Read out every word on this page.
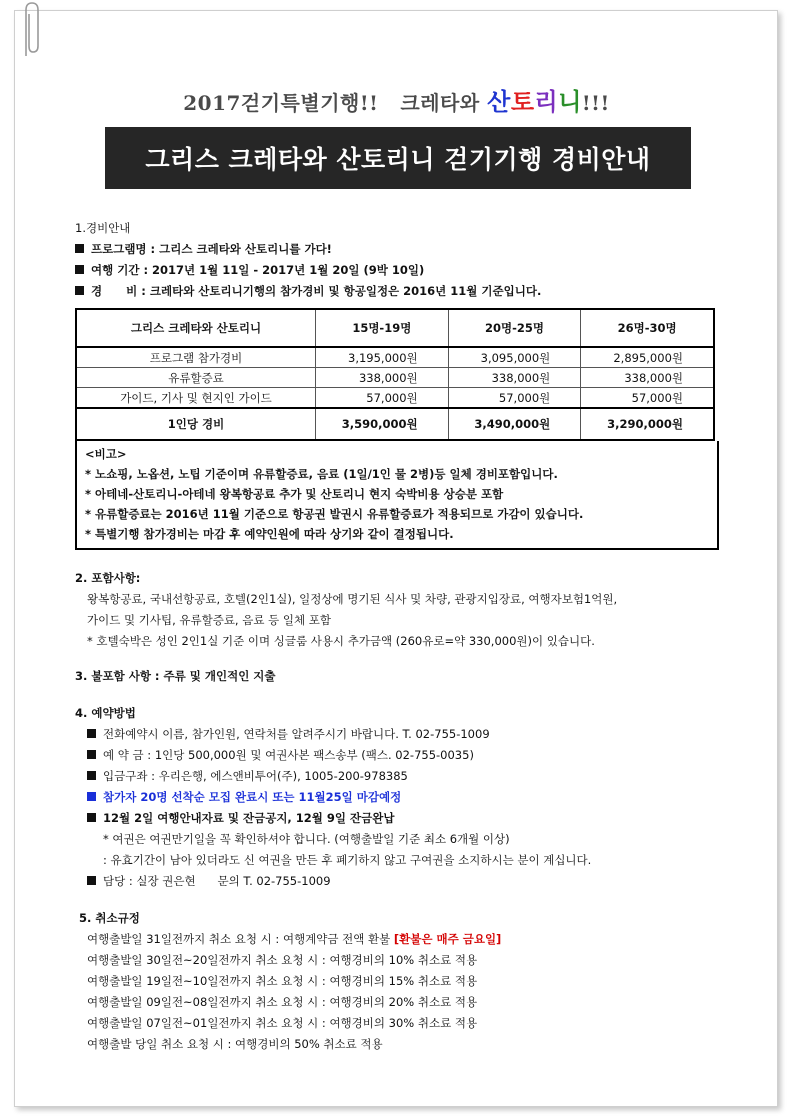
2017걷기특별기행!! 크레타와 산토리니!!!
그리스 크레타와 산토리니 걷기기행 경비안내
1.경비안내
프로그램명 : 그리스 크레타와 산토리니를 가다!
여행 기간 : 2017년 1월 11일 - 2017년 1월 20일 (9박 10일)
경      비 : 크레타와 산토리니기행의 참가경비 및 항공일정은 2016년 11월 기준입니다.
그리스 크레타와 산토리니	15명-19명	20명-25명	26명-30명
프로그램 참가경비	3,195,000원	3,095,000원	2,895,000원
유류할증료	338,000원	338,000원	338,000원
가이드, 기사 및 현지인 가이드	57,000원	57,000원	57,000원
1인당 경비	3,590,000원	3,490,000원	3,290,000원
<비고>
* 노쇼핑, 노옵션, 노팁 기준이며 유류할증료, 음료 (1일/1인 물 2병)등 일체 경비포함입니다.
* 아테네-산토리니-아테네 왕복항공료 추가 및 산토리니 현지 숙박비용 상승분 포함
* 유류할증료는 2016년 11월 기준으로 항공권 발권시 유류할증료가 적용되므로 가감이 있습니다.
* 특별기행 참가경비는 마감 후 예약인원에 따라 상기와 같이 결정됩니다.
2. 포함사항:
왕복항공료, 국내선항공료, 호텔(2인1실), 일정상에 명기된 식사 및 차량, 관광지입장료, 여행자보험1억원,
가이드 및 기사팁, 유류할증료, 음료 등 일체 포함
* 호텔숙박은 성인 2인1실 기준 이며 싱글룸 사용시 추가금액 (260유로=약 330,000원)이 있습니다.
3. 불포함 사항 : 주류 및 개인적인 지출
4. 예약방법
전화예약시 이름, 참가인원, 연락처를 알려주시기 바랍니다. T. 02-755-1009
예 약 금 : 1인당 500,000원 및 여권사본 팩스송부 (팩스. 02-755-0035)
입금구좌 : 우리은행, 에스앤비투어(주), 1005-200-978385
참가자 20명 선착순 모집 완료시 또는 11월25일 마감예정
12월 2일 여행안내자료 및 잔금공지, 12월 9일 잔금완납
* 여권은 여권만기일을 꼭 확인하셔야 합니다. (여행출발일 기준 최소 6개월 이상)
: 유효기간이 남아 있더라도 신 여권을 만든 후 폐기하지 않고 구여권을 소지하시는 분이 계십니다.
담당 : 실장 권은현      문의 T. 02-755-1009
5. 취소규정
여행출발일 31일전까지 취소 요청 시 : 여행계약금 전액 환불 [환불은 매주 금요일]
여행출발일 30일전~20일전까지 취소 요청 시 : 여행경비의 10% 취소료 적용
여행출발일 19일전~10일전까지 취소 요청 시 : 여행경비의 15% 취소료 적용
여행출발일 09일전~08일전까지 취소 요청 시 : 여행경비의 20% 취소료 적용
여행출발일 07일전~01일전까지 취소 요청 시 : 여행경비의 30% 취소료 적용
여행출발 당일 취소 요청 시 : 여행경비의 50% 취소료 적용
